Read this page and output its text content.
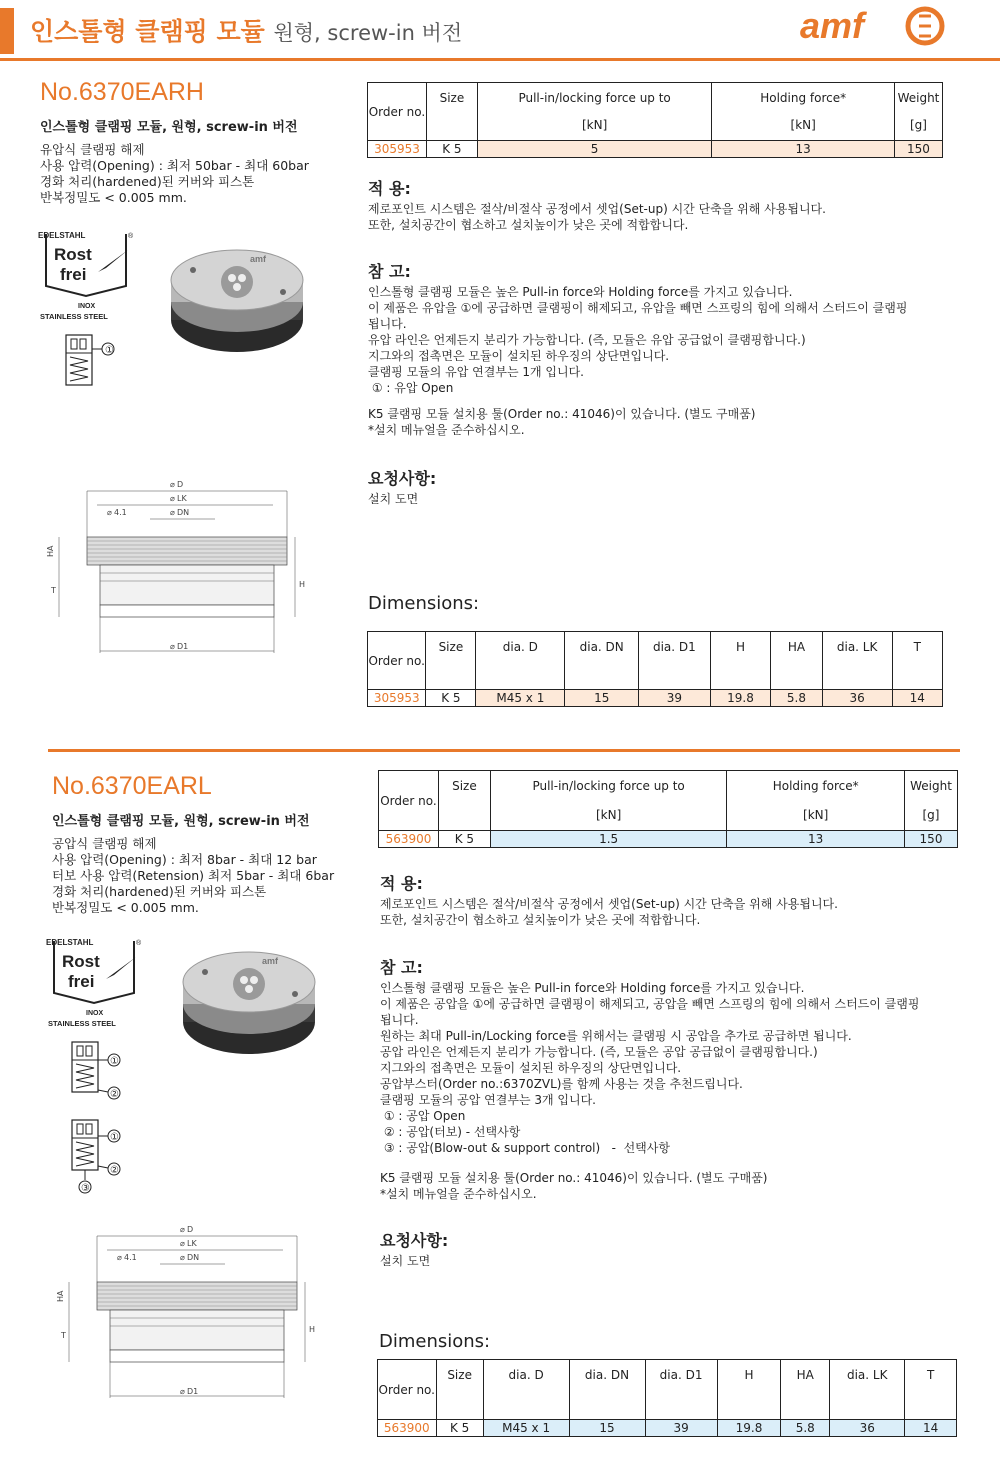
인스톨형 클램핑 모듈 원형, screw-in 버전	amf
No.6370EARH
인스톨형 클램핑 모듈, 원형, screw-in 버전
유압식 클램핑 해제
사용 압력(Opening) : 최저 50bar - 최대 60bar
경화 처리(hardened)된 커버와 피스톤
반복정밀도 < 0.005 mm.
EDELSTAHL	®
Rost
frei
INOX
STAINLESS STEEL
amf
①
⌀ D
⌀ LK
⌀ 4.1	⌀ DN
HA
T
H
⌀ D1
Order no.	Size	Pull-in/locking force up to	Holding force*	Weight
		[kN]	[kN]	[g]
305953	K 5	5	13	150
적 용:

제로포인트 시스템은 절삭/비절삭 공정에서 셋업(Set-up) 시간 단축을 위해 사용됩니다.

또한, 설치공간이 협소하고 설치높이가 낮은 곳에 적합합니다.

참 고:

인스톨형 클램핑 모듈은 높은 Pull-in force와 Holding force를 가지고 있습니다.

이 제품은 유압을 ①에 공급하면 클램핑이 해제되고, 유압을 빼면 스프링의 힘에 의해서 스터드이 클램핑

됩니다.

유압 라인은 언제든지 분리가 가능합니다. (즉, 모듈은 유압 공급없이 클램핑합니다.)

지그와의 접촉면은 모듈이 설치된 하우징의 상단면입니다.

클램핑 모듈의 유압 연결부는 1개 입니다.

① : 유압 Open

K5 클램핑 모듈 설치용 툴(Order no.: 41046)이 있습니다. (별도 구매품)

*설치 메뉴얼을 준수하십시오.

요청사항:
설치 도면
Dimensions:
Order no.	Size	dia. D	dia. DN	dia. D1	H	HA	dia. LK	T
305953	K 5	M45 x 1	15	39	19.8	5.8	36	14
No.6370EARL
인스톨형 클램핑 모듈, 원형, screw-in 버전
공압식 클램핑 해제
사용 압력(Opening) : 최저 8bar - 최대 12 bar
터보 사용 압력(Retension) 최저 5bar - 최대 6bar
경화 처리(hardened)된 커버와 피스톤
반복정밀도 < 0.005 mm.
EDELSTAHL	®
Rost
frei
INOX
STAINLESS STEEL
amf
①
②
①
②
③
⌀ D
⌀ LK
⌀ 4.1	⌀ DN
HA
T
H
⌀ D1
Order no.	Size	Pull-in/locking force up to	Holding force*	Weight
		[kN]	[kN]	[g]
563900	K 5	1.5	13	150
적 용:

제로포인트 시스템은 절삭/비절삭 공정에서 셋업(Set-up) 시간 단축을 위해 사용됩니다.

또한, 설치공간이 협소하고 설치높이가 낮은 곳에 적합합니다.

참 고:

인스톨형 클램핑 모듈은 높은 Pull-in force와 Holding force를 가지고 있습니다.

이 제품은 공압을 ①에 공급하면 클램핑이 해제되고, 공압을 빼면 스프링의 힘에 의해서 스터드이 클램핑

됩니다.

원하는 최대 Pull-in/Locking force를 위해서는 클램핑 시 공압을 추가로 공급하면 됩니다.

공압 라인은 언제든지 분리가 가능합니다. (즉, 모듈은 공압 공급없이 클램핑합니다.)

지그와의 접촉면은 모듈이 설치된 하우징의 상단면입니다.

공압부스터(Order no.:6370ZVL)를 함께 사용는 것을 추천드립니다.

클램핑 모듈의 공압 연결부는 3개 입니다.

① : 공압 Open

② : 공압(터보) - 선택사항

③ : 공압(Blow-out & support control)   -  선택사항

K5 클램핑 모듈 설치용 툴(Order no.: 41046)이 있습니다. (별도 구매품)

*설치 메뉴얼을 준수하십시오.

요청사항:
설치 도면
Dimensions:
Order no.	Size	dia. D	dia. DN	dia. D1	H	HA	dia. LK	T
563900	K 5	M45 x 1	15	39	19.8	5.8	36	14
